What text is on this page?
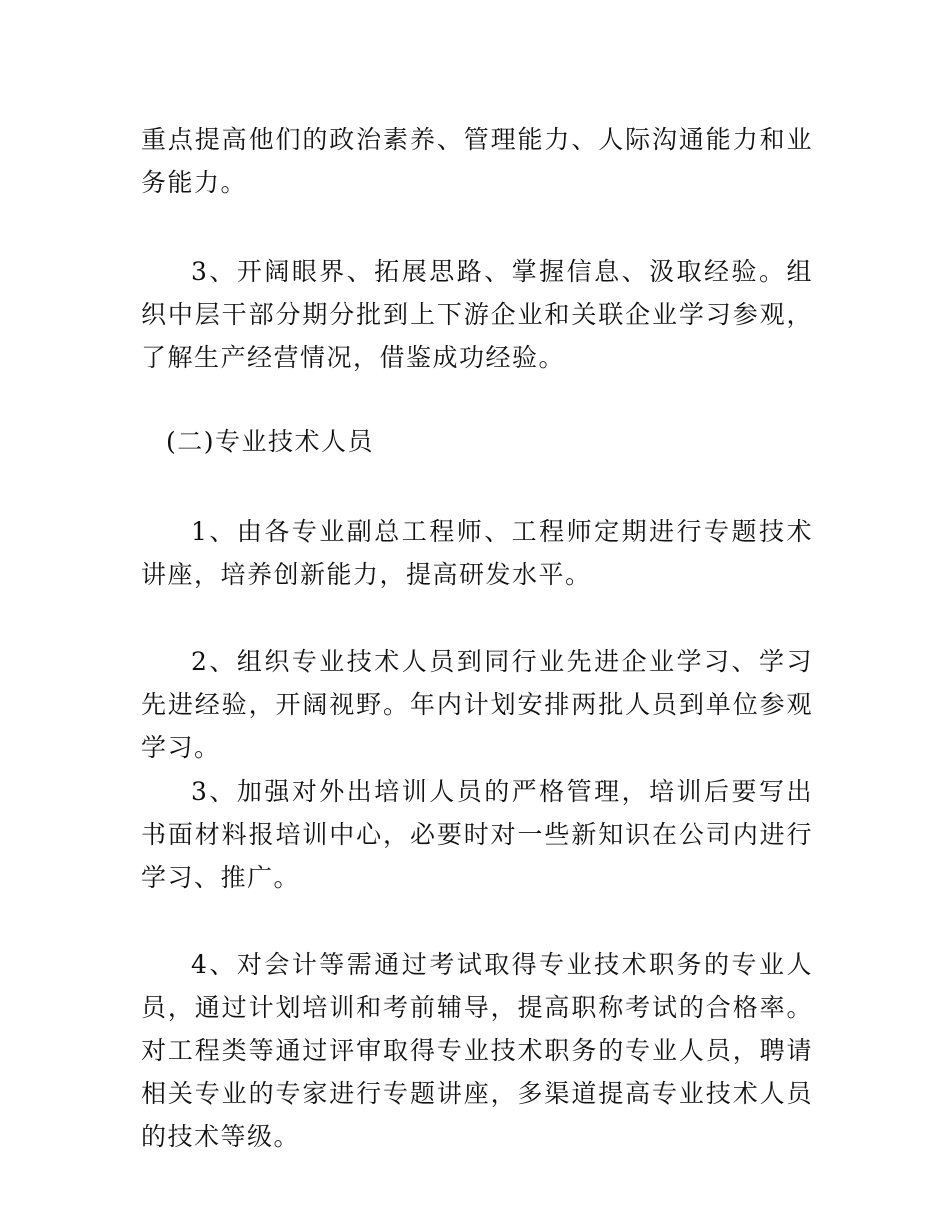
重点提高他们的政治素养、管理能力、人际沟通能力和业务能力。

3、开阔眼界、拓展思路、掌握信息、汲取经验。组织中层干部分期分批到上下游企业和关联企业学习参观，了解生产经营情况，借鉴成功经验。

(二)专业技术人员

1、由各专业副总工程师、工程师定期进行专题技术讲座，培养创新能力，提高研发水平。

2、组织专业技术人员到同行业先进企业学习、学习先进经验，开阔视野。年内计划安排两批人员到单位参观学习。

3、加强对外出培训人员的严格管理，培训后要写出书面材料报培训中心，必要时对一些新知识在公司内进行学习、推广。

4、对会计等需通过考试取得专业技术职务的专业人员，通过计划培训和考前辅导，提高职称考试的合格率。对工程类等通过评审取得专业技术职务的专业人员，聘请相关专业的专家进行专题讲座，多渠道提高专业技术人员的技术等级。
